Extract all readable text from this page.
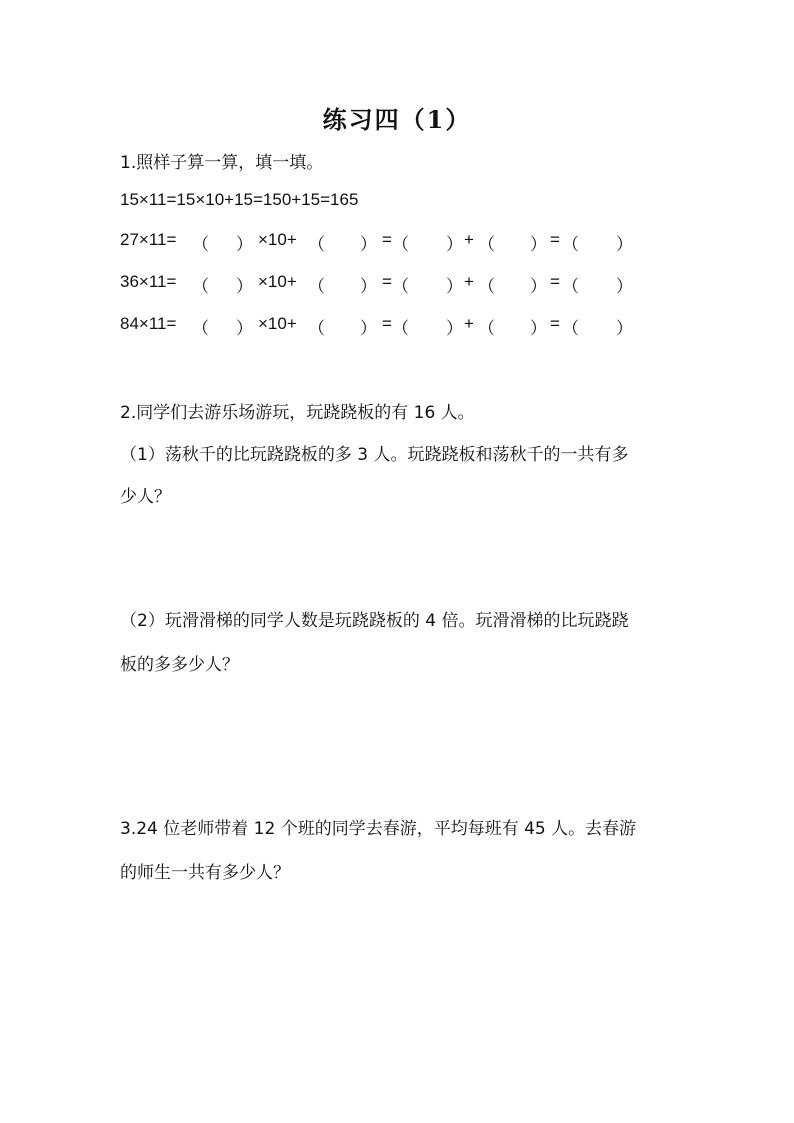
练习四（1）
1.照样子算一算，填一填。
15×11=15×10+15=150+15=165
27×11= （ ） ×10+ （ ） = （ ） + （ ） = （ ）
36×11= （ ） ×10+ （ ） = （ ） + （ ） = （ ）
84×11= （ ） ×10+ （ ） = （ ） + （ ） = （ ）
2.同学们去游乐场游玩，玩跷跷板的有 16 人。
（1）荡秋千的比玩跷跷板的多 3 人。玩跷跷板和荡秋千的一共有多
少人？
（2）玩滑滑梯的同学人数是玩跷跷板的 4 倍。玩滑滑梯的比玩跷跷
板的多多少人？
3.24 位老师带着 12 个班的同学去春游，平均每班有 45 人。去春游
的师生一共有多少人？
